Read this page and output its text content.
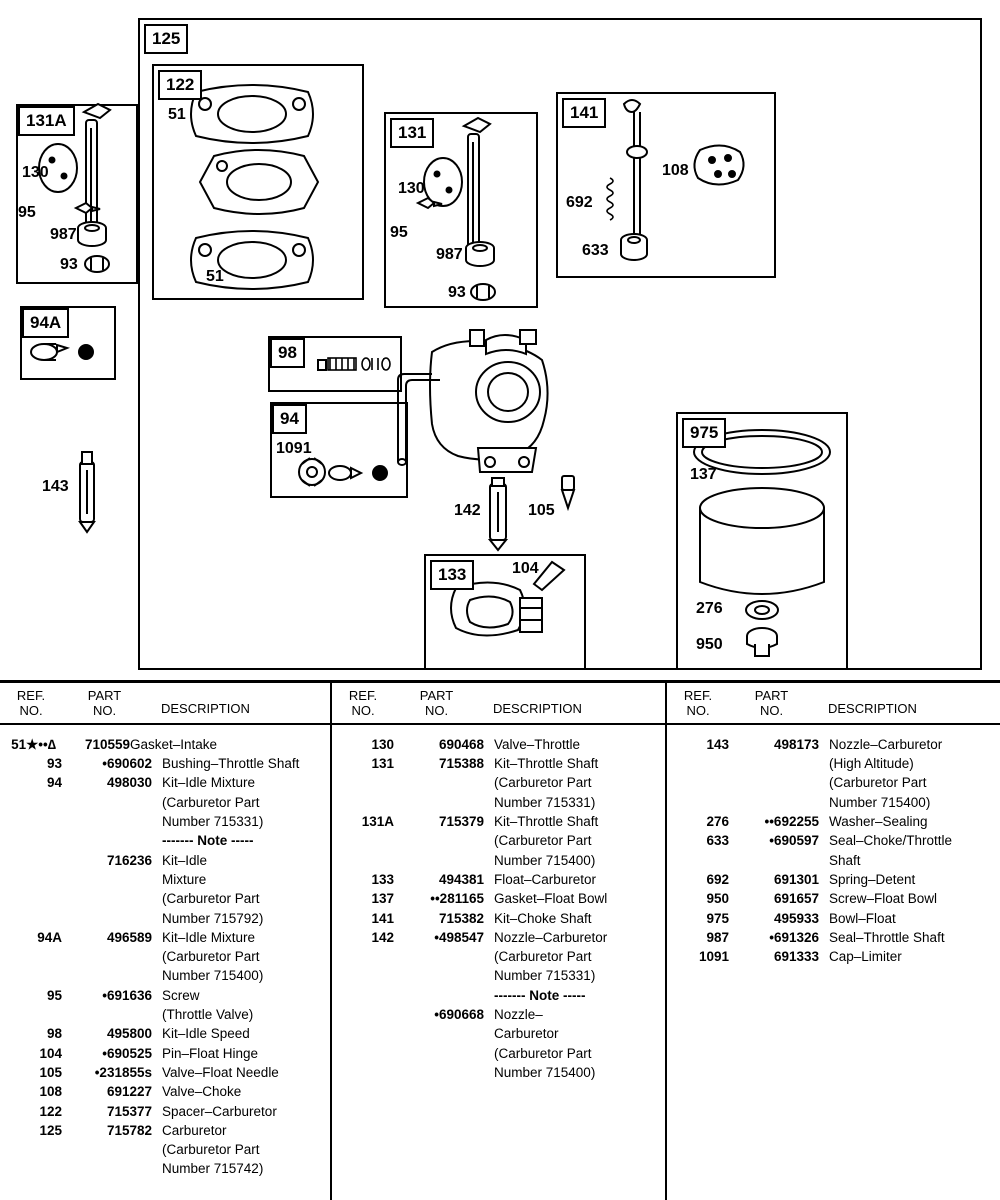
125
122
131
131A	141
94A
98
94
1091
975
133
51
51
130
95
987
93
130
95
987
93
108
692
633
143
142	105
104
137
276
950
REF.
NO.
PART
NO.	DESCRIPTION
51★••∆	710559 Gasket–Intake
93	•690602 Bushing–Throttle Shaft
94	498030 Kit–Idle Mixture
(Carburetor Part
Number 715331)
------- Note -----
716236 Kit–Idle
Mixture
(Carburetor Part
Number 715792)
94A	496589 Kit–Idle Mixture
(Carburetor Part
Number 715400)
95	•691636 Screw
(Throttle Valve)
98	495800 Kit–Idle Speed
104	•690525 Pin–Float Hinge
105	•231855s Valve–Float Needle
108	691227 Valve–Choke
122	715377 Spacer–Carburetor
125	715782 Carburetor
(Carburetor Part
Number 715742)
REF.
NO.
PART
NO.	DESCRIPTION
130	690468 Valve–Throttle
131	715388 Kit–Throttle Shaft
(Carburetor Part
Number 715331)
131A	715379 Kit–Throttle Shaft
(Carburetor Part
Number 715400)
133	494381 Float–Carburetor
137	••281165 Gasket–Float Bowl
141	715382 Kit–Choke Shaft
142	•498547 Nozzle–Carburetor
(Carburetor Part
Number 715331)
------- Note -----
•690668 Nozzle–
Carburetor
(Carburetor Part
Number 715400)
REF.
NO.
PART
NO.	DESCRIPTION
143	498173 Nozzle–Carburetor
(High Altitude)
(Carburetor Part
Number 715400)
276	••692255 Washer–Sealing
633	•690597 Seal–Choke/Throttle
Shaft
692	691301 Spring–Detent
950	691657 Screw–Float Bowl
975	495933 Bowl–Float
987	•691326 Seal–Throttle Shaft
1091	691333 Cap–Limiter
